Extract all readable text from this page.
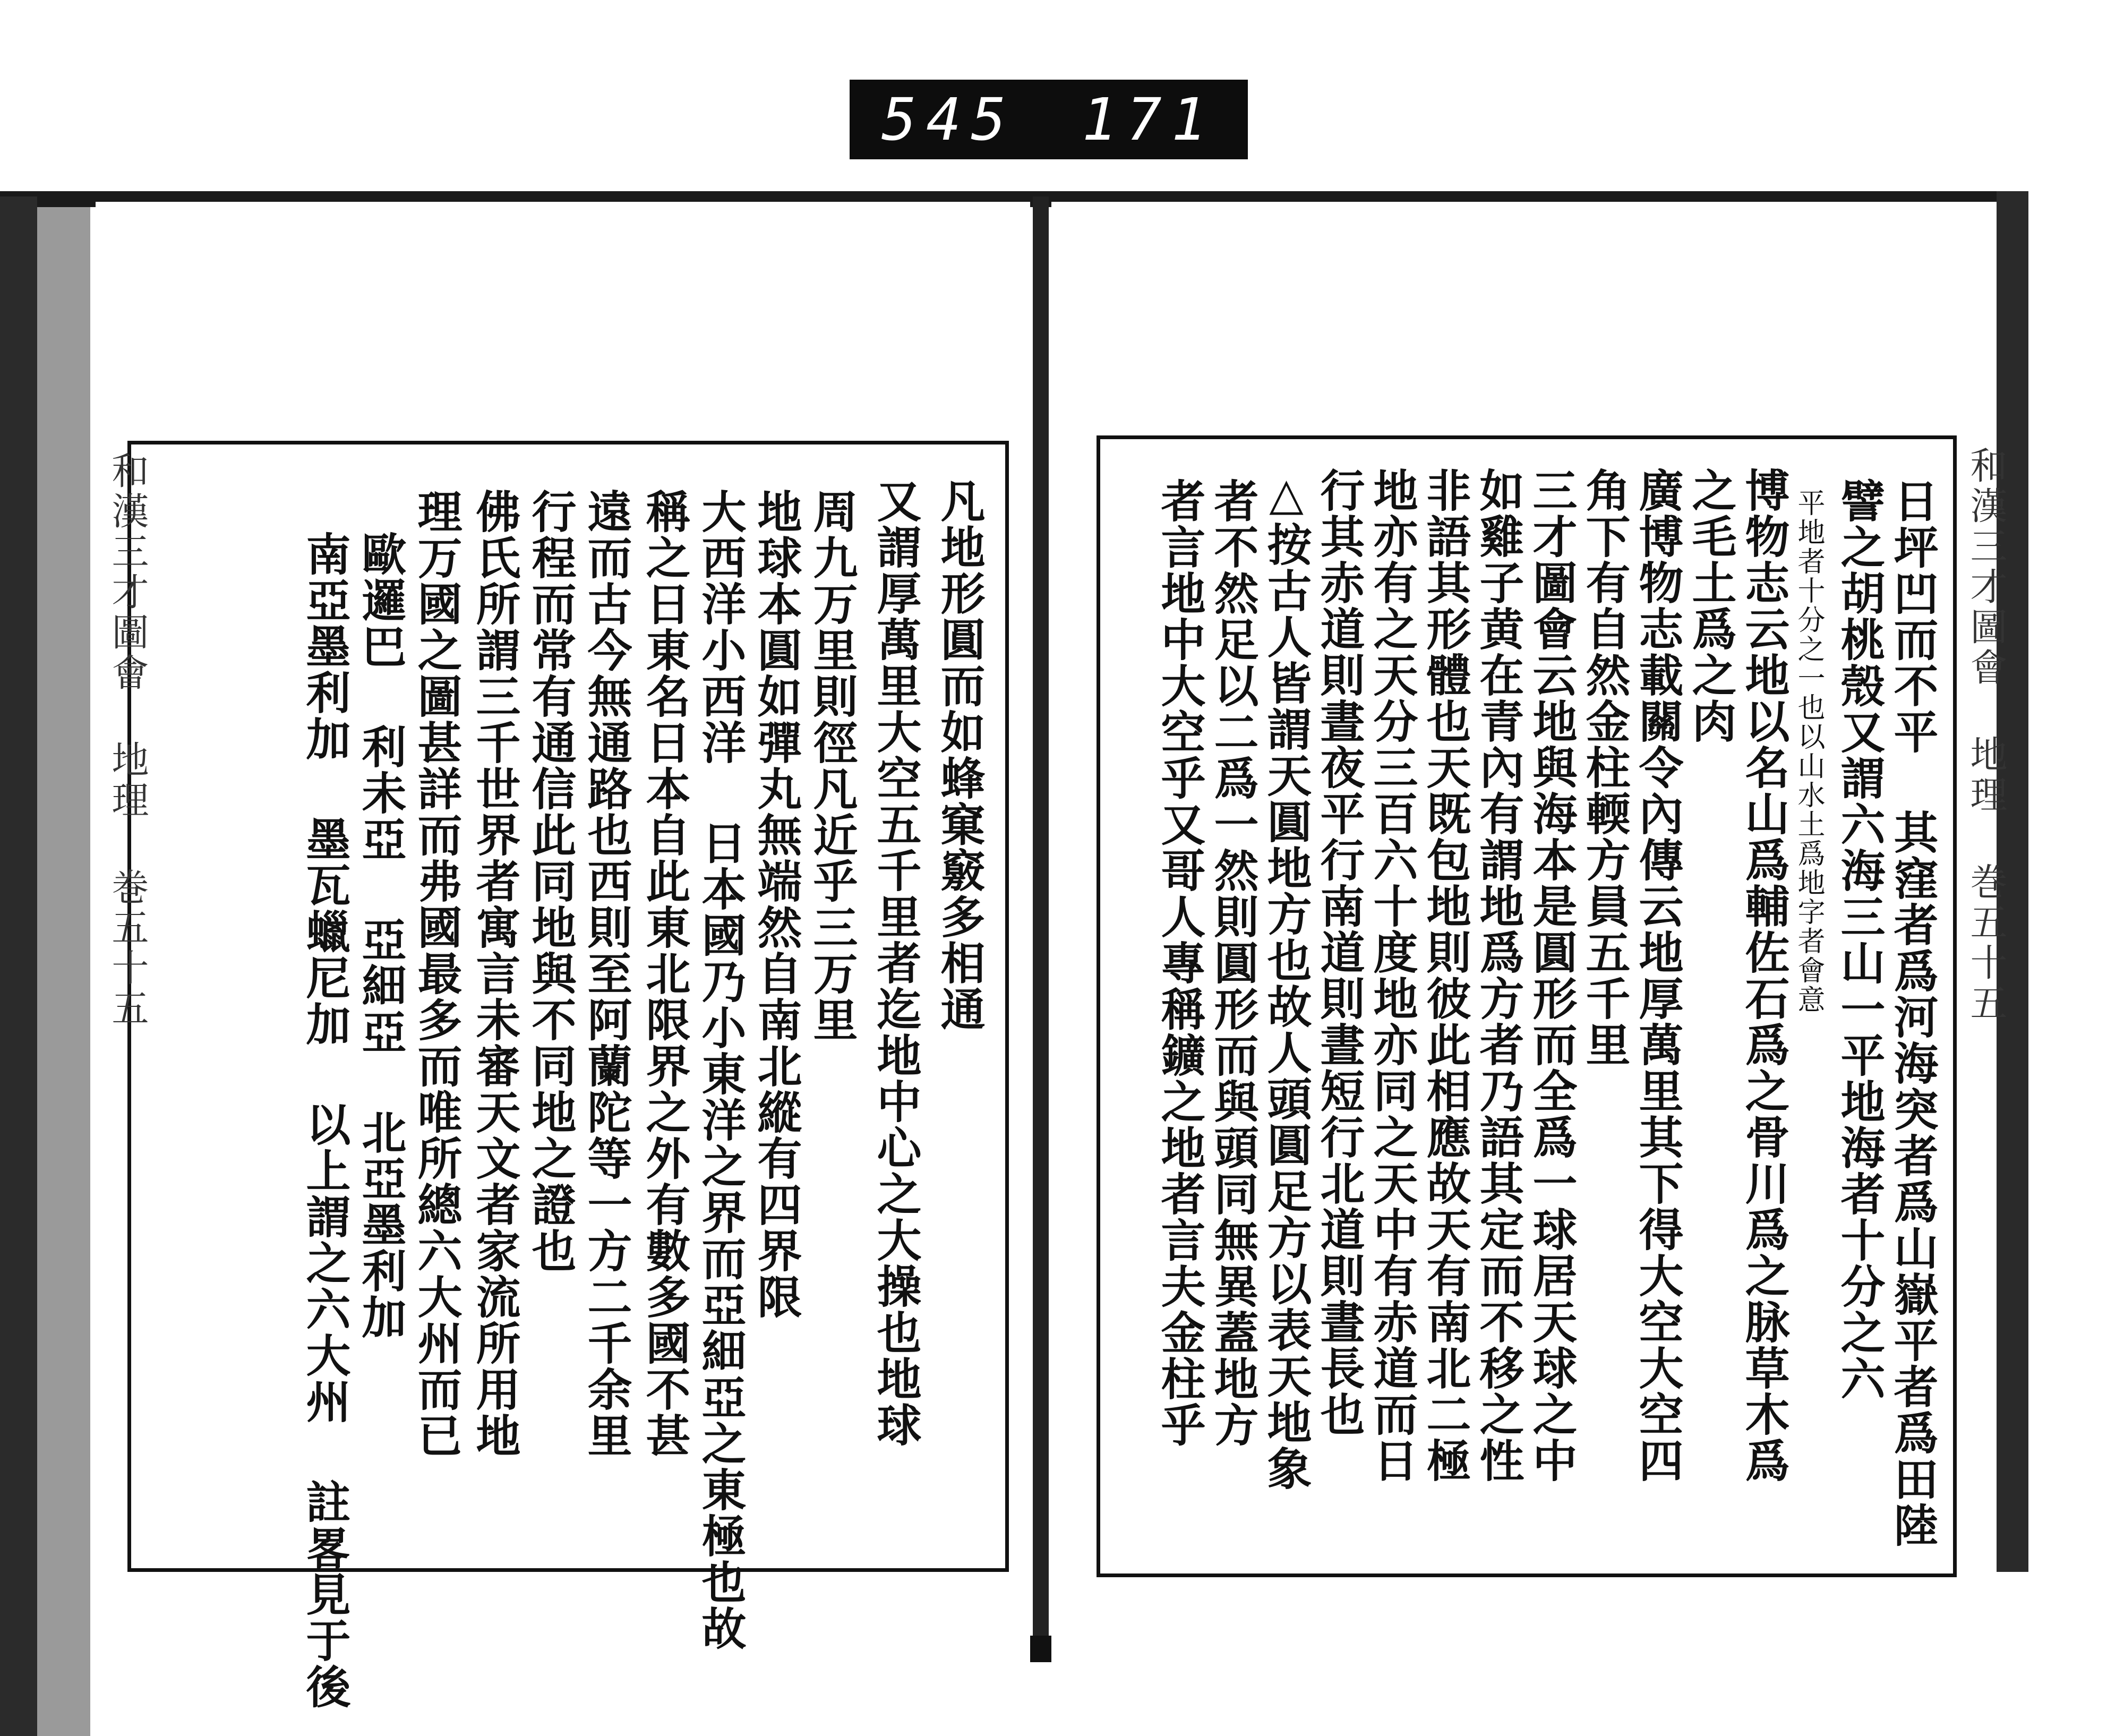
545 171
和漢三才圖會 地理 巻五十五	凡地形圓而如蜂窠竅多相通
又謂厚萬里大空五千里者迄地中心之大操也地球
周九万里則徑凡近乎三万里
地球本圓如彈丸無端然自南北縱有四界限
大西洋小西洋 日本國乃小東洋之界而亞細亞之東極也故
稱之日東名日本自此東北限界之外有數多國不甚
遠而古今無通路也西則至阿蘭陀等一方二千余里
行程而常有通信此同地與不同地之證也
佛氏所謂三千世界者寓言未審天文者家流所用地
理万國之圖甚詳而弗國最多而唯所總六大州而已
歐邏巴 利未亞 亞細亞 北亞墨利加
南亞墨利加 墨瓦蠟尼加 以上謂之六大州 註畧見于後	和漢三才圖會 地理 巻五十五
日坪凹而不平 其窪者爲河海突者爲山嶽平者爲田陸
譬之胡桃殼又謂六海三山一平地海者十分之六
平地者十分之一也以山水土爲地字者會意
博物志云地以名山爲輔佐石爲之骨川爲之脉草木爲
之毛土爲之肉
廣博物志載關令內傳云地厚萬里其下得大空大空四
角下有自然金柱輭方員五千里
三才圖會云地與海本是圓形而全爲一球居天球之中
如雞子黄在青內有謂地爲方者乃語其定而不移之性
非語其形體也天既包地則彼此相應故天有南北二極
地亦有之天分三百六十度地亦同之天中有赤道而日
行其赤道則晝夜平行南道則晝短行北道則晝長也
△按古人皆謂天圓地方也故人頭圓足方以表天地象
者不然足以二爲一然則圓形而與頭同無異蓋地方
者言地中大空乎又哥人專稱鑛之地者言夫金柱乎
